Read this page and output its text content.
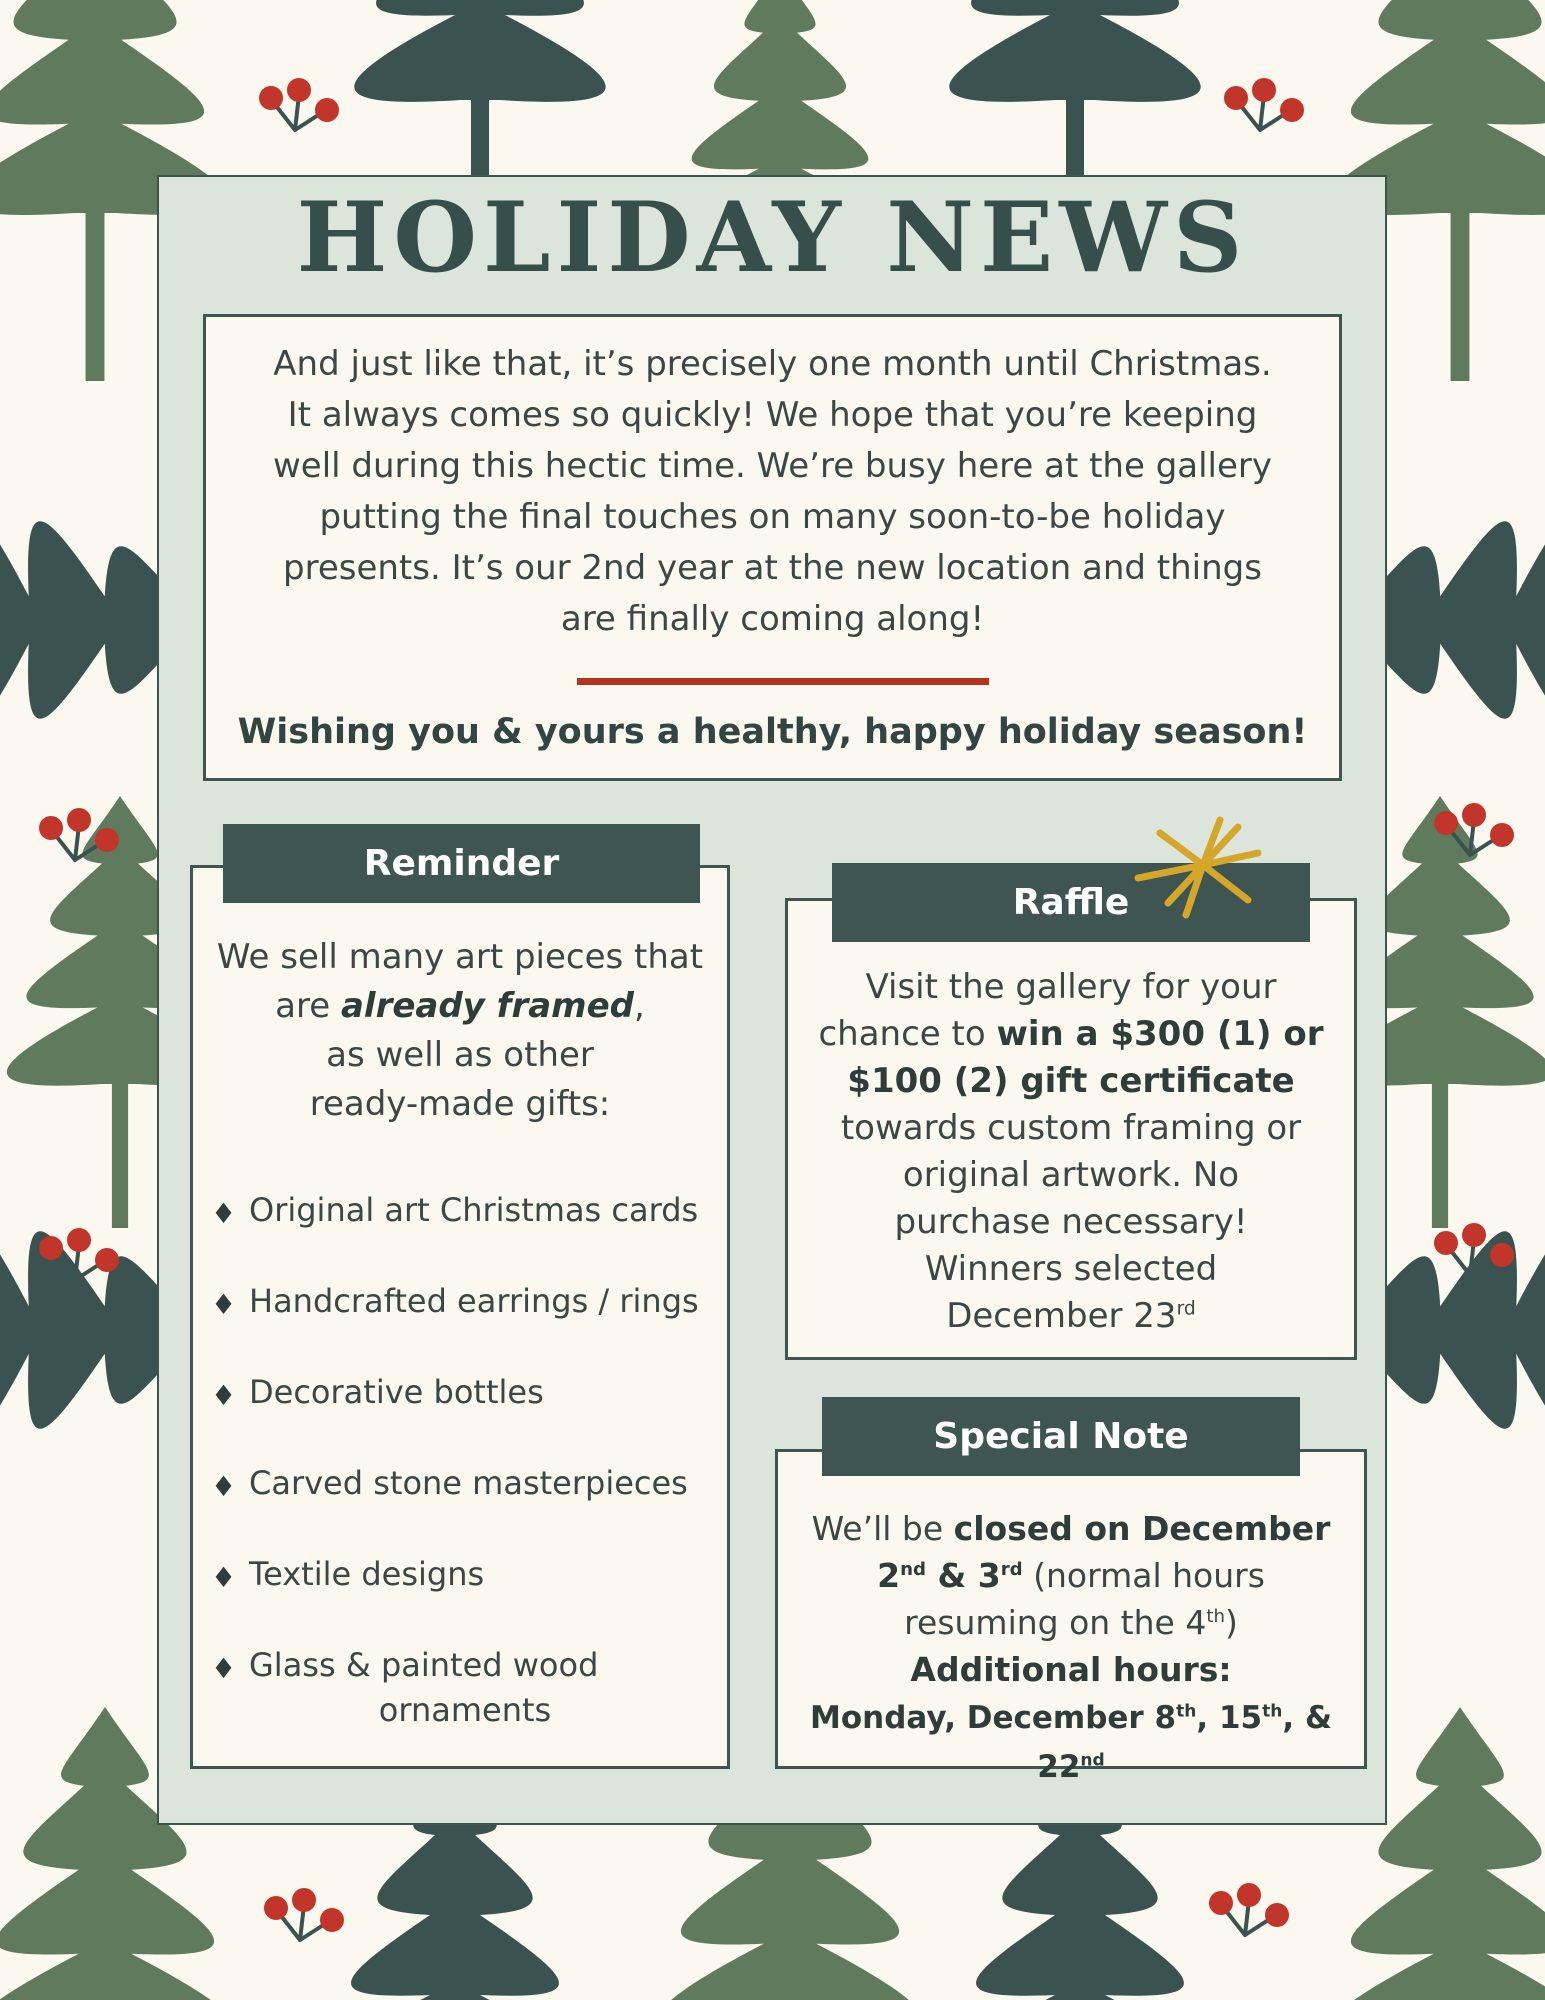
HOLIDAY NEWS

And just like that, it’s precisely one month until Christmas.
It always comes so quickly! We hope that you’re keeping
well during this hectic time. We’re busy here at the gallery
putting the final touches on many soon-to-be holiday
presents. It’s our 2nd year at the new location and things
are finally coming along!

Wishing you & yours a healthy, happy holiday season!

We sell many art pieces that
are already framed,
as well as other
ready-made gifts:

♦ Original art Christmas cards
♦ Handcrafted earrings / rings
♦ Decorative bottles
♦ Carved stone masterpieces
♦ Textile designs
♦ Glass & painted wood
ornaments
Reminder

Visit the gallery for your
chance to win a $300 (1) or
$100 (2) gift certificate
towards custom framing or
original artwork. No
purchase necessary!
Winners selected
December 23rd

Raffle

We’ll be closed on December
2nd & 3rd (normal hours
resuming on the 4th)
Additional hours:
Monday, December 8th, 15th, & 22nd

Special Note
